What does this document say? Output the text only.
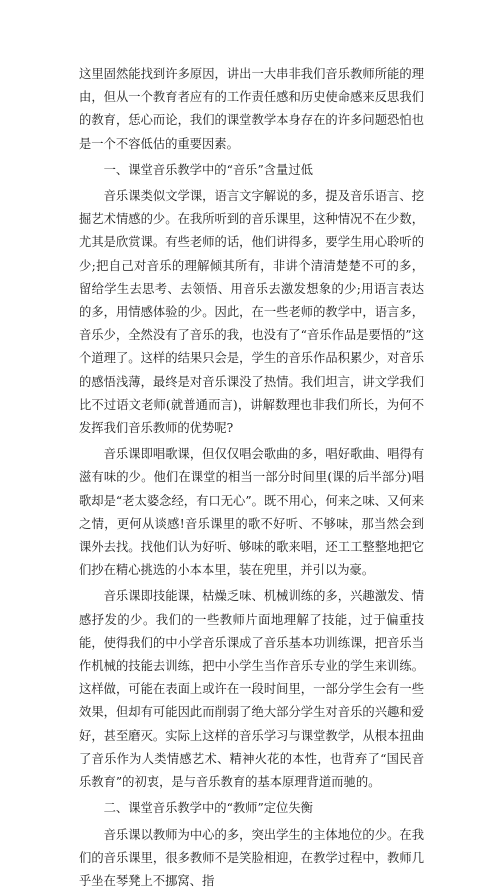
这里固然能找到许多原因，讲出一大串非我们音乐教师所能的理由，但从一个教育者应有的工作责任感和历史使命感来反思我们的教育，恁心而论，我们的课堂教学本身存在的许多问题恐怕也是一个不容低估的重要因素。

一、课堂音乐教学中的“音乐”含量过低

音乐课类似文学课，语言文字解说的多，提及音乐语言、挖掘艺术情感的少。在我所听到的音乐课里，这种情况不在少数，尤其是欣赏课。有些老师的话，他们讲得多，要学生用心聆听的少;把自己对音乐的理解倾其所有，非讲个清清楚楚不可的多，留给学生去思考、去领悟、用音乐去激发想象的少;用语言表达的多，用情感体验的少。因此，在一些老师的教学中，语言多，音乐少，全然没有了音乐的我，也没有了“音乐作品是要悟的”这个道理了。这样的结果只会是，学生的音乐作品积累少，对音乐的感悟浅薄，最终是对音乐课没了热情。我们坦言，讲文学我们比不过语文老师(就普通而言)，讲解数理也非我们所长，为何不发挥我们音乐教师的优势呢?

音乐课即唱歌课，但仅仅唱会歌曲的多，唱好歌曲、唱得有滋有味的少。他们在课堂的相当一部分时间里(课的后半部分)唱歌却是“老太婆念经，有口无心”。既不用心，何来之味、又何来之情，更何从谈感!音乐课里的歌不好听、不够味，那当然会到课外去找。找他们认为好听、够味的歌来唱，还工工整整地把它们抄在精心挑选的小本本里，装在兜里，并引以为豪。

音乐课即技能课，枯燥乏味、机械训练的多，兴趣激发、情感抒发的少。我们的一些教师片面地理解了技能，过于偏重技能，使得我们的中小学音乐课成了音乐基本功训练课，把音乐当作机械的技能去训练，把中小学生当作音乐专业的学生来训练。这样做，可能在表面上或许在一段时间里，一部分学生会有一些效果，但却有可能因此而削弱了绝大部分学生对音乐的兴趣和爱好，甚至磨灭。实际上这样的音乐学习与课堂教学，从根本扭曲了音乐作为人类情感艺术、精神火花的本性，也背弃了“国民音乐教育”的初衷，是与音乐教育的基本原理背道而驰的。

二、课堂音乐教学中的“教师”定位失衡

音乐课以教师为中心的多，突出学生的主体地位的少。在我们的音乐课里，很多教师不是笑脸相迎，在教学过程中，教师几乎坐在琴凳上不挪窝、指
